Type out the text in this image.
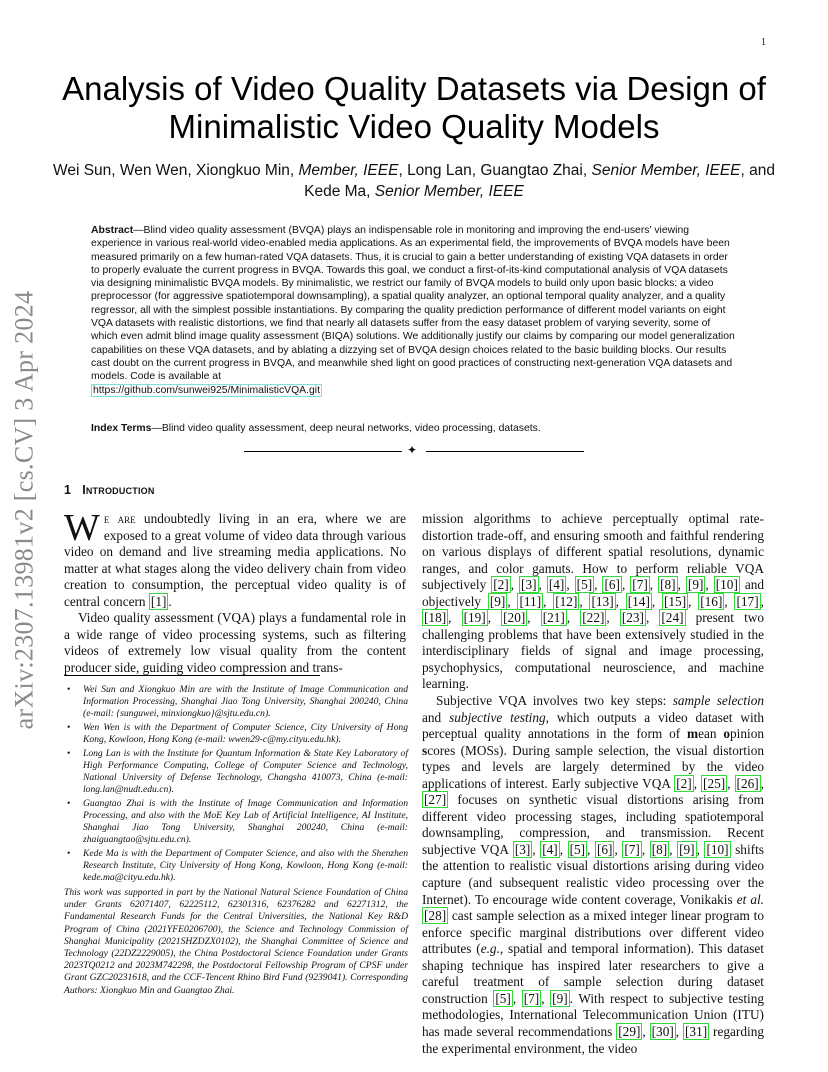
1
arXiv:2307.13981v2 [cs.CV] 3 Apr 2024
Analysis of Video Quality Datasets via Design of
Minimalistic Video Quality Models
Wei Sun, Wen Wen, Xiongkuo Min, Member, IEEE, Long Lan, Guangtao Zhai, Senior Member, IEEE, and
Kede Ma, Senior Member, IEEE
Abstract—Blind video quality assessment (BVQA) plays an indispensable role in monitoring and improving the end-users' viewing experience in various real-world video-enabled media applications. As an experimental field, the improvements of BVQA models have been measured primarily on a few human-rated VQA datasets. Thus, it is crucial to gain a better understanding of existing VQA datasets in order to properly evaluate the current progress in BVQA. Towards this goal, we conduct a first-of-its-kind computational analysis of VQA datasets via designing minimalistic BVQA models. By minimalistic, we restrict our family of BVQA models to build only upon basic blocks: a video preprocessor (for aggressive spatiotemporal downsampling), a spatial quality analyzer, an optional temporal quality analyzer, and a quality regressor, all with the simplest possible instantiations. By comparing the quality prediction performance of different model variants on eight VQA datasets with realistic distortions, we find that nearly all datasets suffer from the easy dataset problem of varying severity, some of which even admit blind image quality assessment (BIQA) solutions. We additionally justify our claims by comparing our model generalization capabilities on these VQA datasets, and by ablating a dizzying set of BVQA design choices related to the basic building blocks. Our results cast doubt on the current progress in BVQA, and meanwhile shed light on good practices of constructing next-generation VQA datasets and models. Code is available at
https://github.com/sunwei925/MinimalisticVQA.git
Index Terms—Blind video quality assessment, deep neural networks, video processing, datasets.
✦
1 Introduction

We are undoubtedly living in an era, where we are exposed to a great volume of video data through various video on demand and live streaming media applications. No matter at what stages along the video delivery chain from video creation to consumption, the perceptual video quality is of central concern [1] .

Video quality assessment (VQA) plays a fundamental role in a wide range of video processing systems, such as filtering videos of extremely low visual quality from the content producer side, guiding video compression and trans-

• Wei Sun and Xiongkuo Min are with the Institute of Image Communication and Information Processing, Shanghai Jiao Tong University, Shanghai 200240, China (e-mail: {sunguwei, minxiongkuo}@sjtu.edu.cn).
• Wen Wen is with the Department of Computer Science, City University of Hong Kong, Kowloon, Hong Kong (e-mail: wwen29-c@my.cityu.edu.hk).
• Long Lan is with the Institute for Quantum Information & State Key Laboratory of High Performance Computing, College of Computer Science and Technology, National University of Defense Technology, Changsha 410073, China (e-mail: long.lan@nudt.edu.cn).
• Guangtao Zhai is with the Institute of Image Communication and Information Processing, and also with the MoE Key Lab of Artificial Intelligence, AI Institute, Shanghai Jiao Tong University, Shanghai 200240, China (e-mail: zhaiguangtao@sjtu.edu.cn).
• Kede Ma is with the Department of Computer Science, and also with the Shenzhen Research Institute, City University of Hong Kong, Kowloon, Hong Kong (e-mail: kede.ma@cityu.edu.hk).

This work was supported in part by the National Natural Science Foundation of China under Grants 62071407, 62225112, 62301316, 62376282 and 62271312, the Fundamental Research Funds for the Central Universities, the National Key R&D Program of China (2021YFE0206700), the Science and Technology Commission of Shanghai Municipality (2021SHZDZX0102), the Shanghai Committee of Science and Technology (22DZ2229005), the China Postdoctoral Science Foundation under Grants 2023TQ0212 and 2023M742298, the Postdoctoral Fellowship Program of CPSF under Grant GZC20231618, and the CCF-Tencent Rhino Bird Fund (9239041). Corresponding Authors: Xiongkuo Min and Guangtao Zhai.

mission algorithms to achieve perceptually optimal rate-distortion trade-off, and ensuring smooth and faithful rendering on various displays of different spatial resolutions, dynamic ranges, and color gamuts. How to perform reliable VQA subjectively [2] , [3] , [4] , [5] , [6] , [7] , [8] , [9] , [10] and objectively [9] , [11] , [12] , [13] , [14] , [15] , [16] , [17] , [18] , [19] , [20] , [21] , [22] , [23] , [24] present two challenging problems that have been extensively studied in the interdisciplinary fields of signal and image processing, psychophysics, computational neuroscience, and machine learning.

Subjective VQA involves two key steps: sample selection and subjective testing, which outputs a video dataset with perceptual quality annotations in the form of mean opinion scores (MOSs). During sample selection, the visual distortion types and levels are largely determined by the video applications of interest. Early subjective VQA [2] , [25] , [26] , [27] focuses on synthetic visual distortions arising from different video processing stages, including spatiotemporal downsampling, compression, and transmission. Recent subjective VQA [3] , [4] , [5] , [6] , [7] , [8] , [9] , [10] shifts the attention to realistic visual distortions arising during video capture (and subsequent realistic video processing over the Internet). To encourage wide content coverage, Vonikakis et al. [28] cast sample selection as a mixed integer linear program to enforce specific marginal distributions over different video attributes (e.g., spatial and temporal information). This dataset shaping technique has inspired later researchers to give a careful treatment of sample selection during dataset construction [5] , [7] , [9] . With respect to subjective testing methodologies, International Telecommunication Union (ITU) has made several recommendations [29] , [30] , [31] regarding the experimental environment, the video
